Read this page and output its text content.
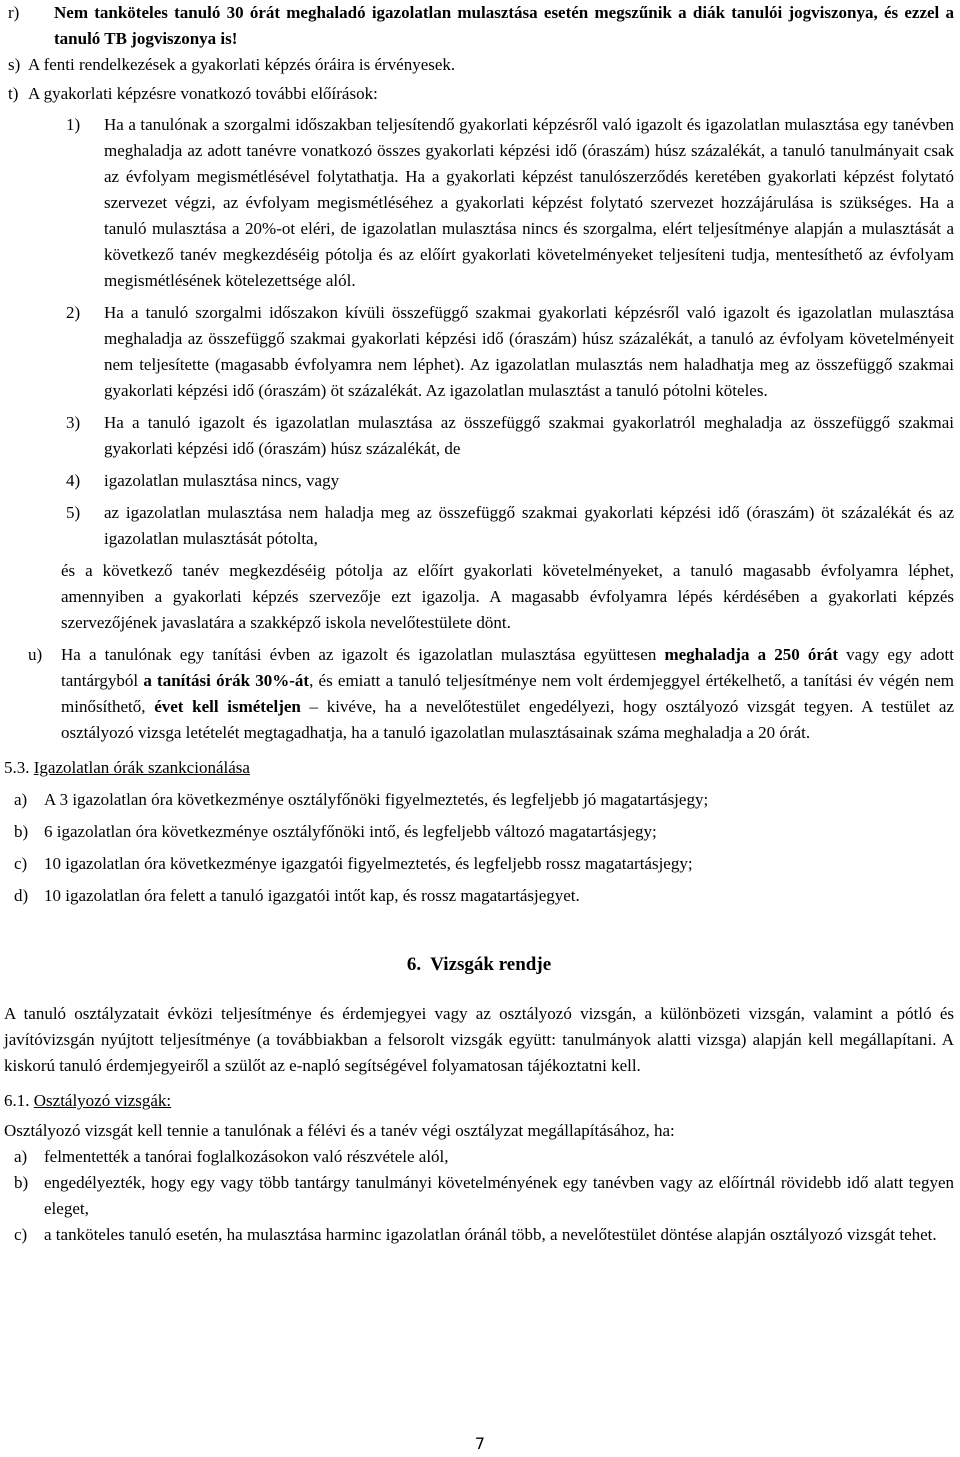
r) Nem tanköteles tanuló 30 órát meghaladó igazolatlan mulasztása esetén megszűnik a diák tanulói jogviszonya, és ezzel a tanuló TB jogviszonya is!
s) A fenti rendelkezések a gyakorlati képzés óráira is érvényesek.
t) A gyakorlati képzésre vonatkozó további előírások:
1) Ha a tanulónak a szorgalmi időszakban teljesítendő gyakorlati képzésről való igazolt és igazolatlan mulasztása egy tanévben meghaladja az adott tanévre vonatkozó összes gyakorlati képzési idő (óraszám) húsz százalékát, a tanuló tanulmányait csak az évfolyam megismétlésével folytathatja. Ha a gyakorlati képzést tanulószerződés keretében gyakorlati képzést folytató szervezet végzi, az évfolyam megismétléséhez a gyakorlati képzést folytató szervezet hozzájárulása is szükséges. Ha a tanuló mulasztása a 20%-ot eléri, de igazolatlan mulasztása nincs és szorgalma, elért teljesítménye alapján a mulasztását a következő tanév megkezdéséig pótolja és az előírt gyakorlati követelményeket teljesíteni tudja, mentesíthető az évfolyam megismétlésének kötelezettsége alól.
2) Ha a tanuló szorgalmi időszakon kívüli összefüggő szakmai gyakorlati képzésről való igazolt és igazolatlan mulasztása meghaladja az összefüggő szakmai gyakorlati képzési idő (óraszám) húsz százalékát, a tanuló az évfolyam követelményeit nem teljesítette (magasabb évfolyamra nem léphet). Az igazolatlan mulasztás nem haladhatja meg az összefüggő szakmai gyakorlati képzési idő (óraszám) öt százalékát. Az igazolatlan mulasztást a tanuló pótolni köteles.
3) Ha a tanuló igazolt és igazolatlan mulasztása az összefüggő szakmai gyakorlatról meghaladja az összefüggő szakmai gyakorlati képzési idő (óraszám) húsz százalékát, de
4) igazolatlan mulasztása nincs, vagy
5) az igazolatlan mulasztása nem haladja meg az összefüggő szakmai gyakorlati képzési idő (óraszám) öt százalékát és az igazolatlan mulasztását pótolta,

és a következő tanév megkezdéséig pótolja az előírt gyakorlati követelményeket, a tanuló magasabb évfolyamra léphet, amennyiben a gyakorlati képzés szervezője ezt igazolja. A magasabb évfolyamra lépés kérdésében a gyakorlati képzés szervezőjének javaslatára a szakképző iskola nevelőtestülete dönt.

u) Ha a tanulónak egy tanítási évben az igazolt és igazolatlan mulasztása együttesen meghaladja a 250 órát vagy egy adott tantárgyból a tanítási órák 30%-át, és emiatt a tanuló teljesítménye nem volt érdemjeggyel értékelhető, a tanítási év végén nem minősíthető, évet kell ismételjen – kivéve, ha a nevelőtestület engedélyezi, hogy osztályozó vizsgát tegyen. A testület az osztályozó vizsga letételét megtagadhatja, ha a tanuló igazolatlan mulasztásainak száma meghaladja a 20 órát.
5.3. Igazolatlan órák szankcionálása
a) A 3 igazolatlan óra következménye osztályfőnöki figyelmeztetés, és legfeljebb jó magatartásjegy;
b) 6 igazolatlan óra következménye osztályfőnöki intő, és legfeljebb változó magatartásjegy;
c) 10 igazolatlan óra következménye igazgatói figyelmeztetés, és legfeljebb rossz magatartásjegy;
d) 10 igazolatlan óra felett a tanuló igazgatói intőt kap, és rossz magatartásjegyet.
6. Vizsgák rendje

A tanuló osztályzatait évközi teljesítménye és érdemjegyei vagy az osztályozó vizsgán, a különbözeti vizsgán, valamint a pótló és javítóvizsgán nyújtott teljesítménye (a továbbiakban a felsorolt vizsgák együtt: tanulmányok alatti vizsga) alapján kell megállapítani. A kiskorú tanuló érdemjegyeiről a szülőt az e-napló segítségével folyamatosan tájékoztatni kell.

6.1. Osztályozó vizsgák:

Osztályozó vizsgát kell tennie a tanulónak a félévi és a tanév végi osztályzat megállapításához, ha:

a) felmentették a tanórai foglalkozásokon való részvétele alól,
b) engedélyezték, hogy egy vagy több tantárgy tanulmányi követelményének egy tanévben vagy az előírtnál rövidebb idő alatt tegyen eleget,
c) a tanköteles tanuló esetén, ha mulasztása harminc igazolatlan óránál több, a nevelőtestület döntése alapján osztályozó vizsgát tehet.
7
